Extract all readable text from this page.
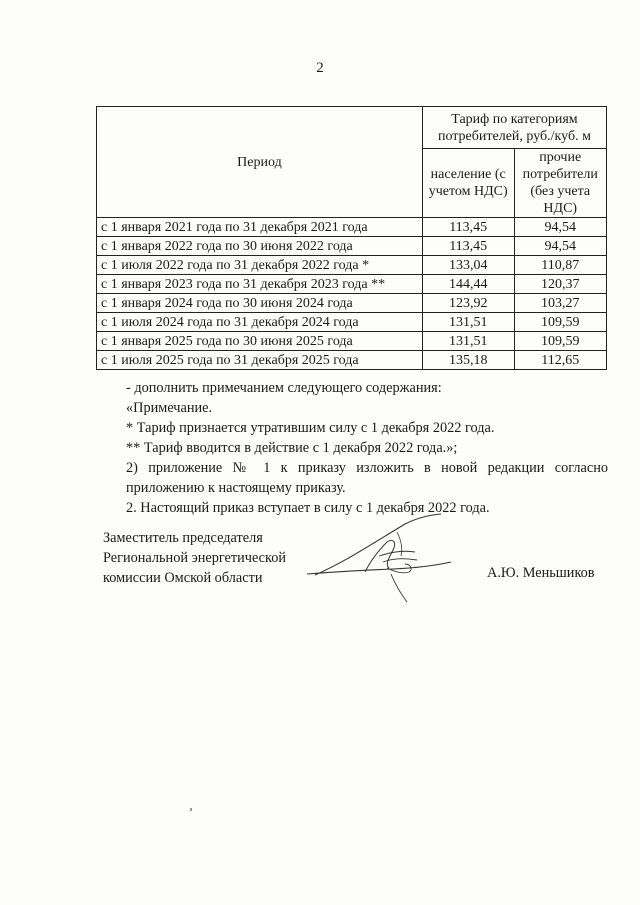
2
Период	Тариф по категориям потребителей, руб./куб. м	
	население (с учетом НДС)	прочие потребители (без учета НДС)
с 1 января 2021 года по 31 декабря 2021 года	113,45	94,54
с 1 января 2022 года по 30 июня 2022 года	113,45	94,54
с 1 июля 2022 года по 31 декабря 2022 года *	133,04	110,87
с 1 января 2023 года по 31 декабря 2023 года **	144,44	120,37
с 1 января 2024 года по 30 июня 2024 года	123,92	103,27
с 1 июля 2024 года по 31 декабря 2024 года	131,51	109,59
с 1 января 2025 года по 30 июня 2025 года	131,51	109,59
с 1 июля 2025 года по 31 декабря 2025 года	135,18	112,65

- дополнить примечанием следующего содержания:

«Примечание.

* Тариф признается утратившим силу с 1 декабря 2022 года.

** Тариф вводится в действие с 1 декабря 2022 года.»;

2) приложение № 1 к приказу изложить в новой редакции согласно приложению к настоящему приказу.

2. Настоящий приказ вступает в силу с 1 декабря 2022 года.

Заместитель председателя
Региональной энергетической
комиссии Омской области	А.Ю. Меньшиков
